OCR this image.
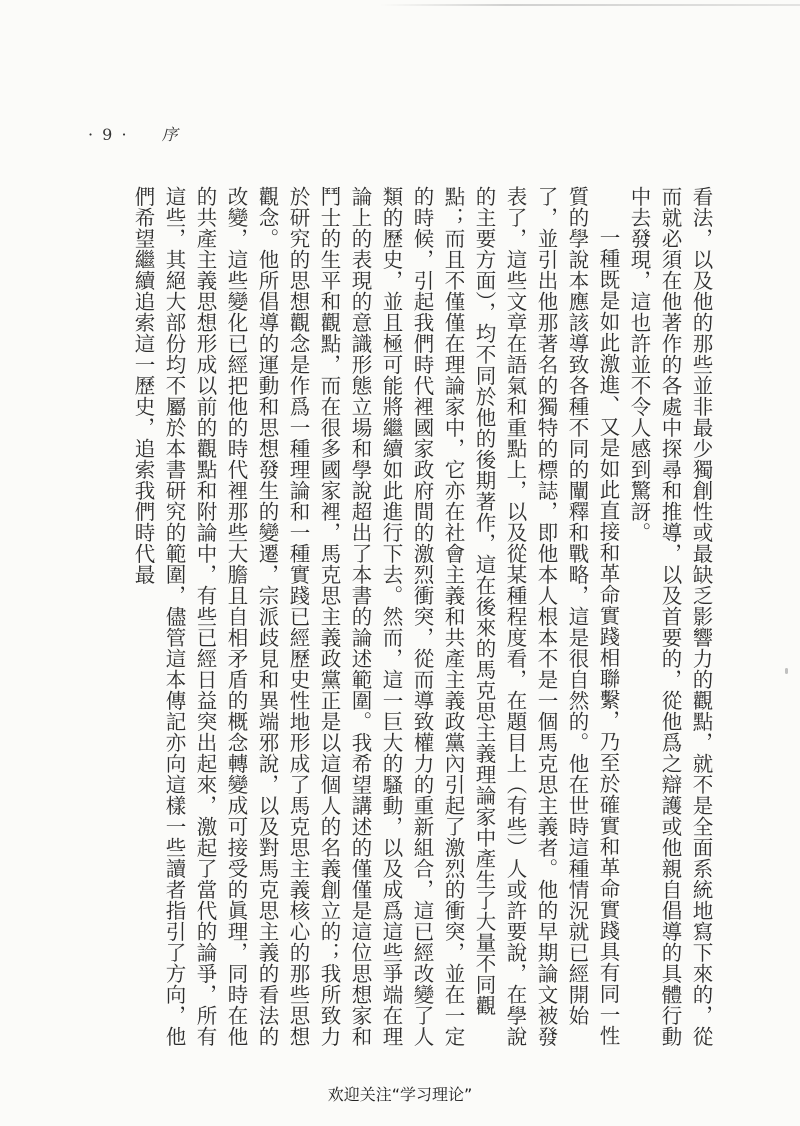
· 9 · 序

看法，以及他的那些並非最少獨創性或最缺乏影響力的觀點，就不是全面系統地寫下來的，從而就必須在他著作的各處中探尋和推導，以及首要的，從他爲之辯護或他親自倡導的具體行動中去發現，這也許並不令人感到驚訝。

一種既是如此激進、又是如此直接和革命實踐相聯繫，乃至於確實和革命實踐具有同一性質的學說本應該導致各種不同的闡釋和戰略，這是很自然的。他在世時這種情況就已經開始了，並引出他那著名的獨特的標誌，即他本人根本不是一個馬克思主義者。他的早期論文被發表了，這些文章在語氣和重點上，以及從某種程度看，在題目上（有些）人或許要說，在學說的主要方面），均不同於他的後期著作，這在後來的馬克思主義理論家中產生了大量不同觀點；而且不僅僅在理論家中，它亦在社會主義和共產主義政黨內引起了激烈的衝突，並在一定的時候，引起我們時代裡國家政府間的激烈衝突，從而導致權力的重新組合，這已經改變了人類的歷史，並且極可能將繼續如此進行下去。然而，這一巨大的騷動，以及成爲這些爭端在理論上的表現的意識形態立場和學說超出了本書的論述範圍。我希望講述的僅僅是這位思想家和鬥士的生平和觀點，而在很多國家裡，馬克思主義政黨正是以這個人的名義創立的；我所致力於研究的思想觀念是作爲一種理論和一種實踐已經歷史性地形成了馬克思主義核心的那些思想觀念。他所倡導的運動和思想發生的變遷，宗派歧見和異端邪說，以及對馬克思主義的看法的改變，這些變化已經把他的時代裡那些大膽且自相矛盾的概念轉變成可接受的眞理，同時在他的共產主義思想形成以前的觀點和附論中，有些已經日益突出起來，激起了當代的論爭，所有這些，其絕大部份均不屬於本書研究的範圍，儘管這本傳記亦向這樣一些讀者指引了方向，他們希望繼續追索這一歷史，追索我們時代最

欢迎关注“学习理论”
